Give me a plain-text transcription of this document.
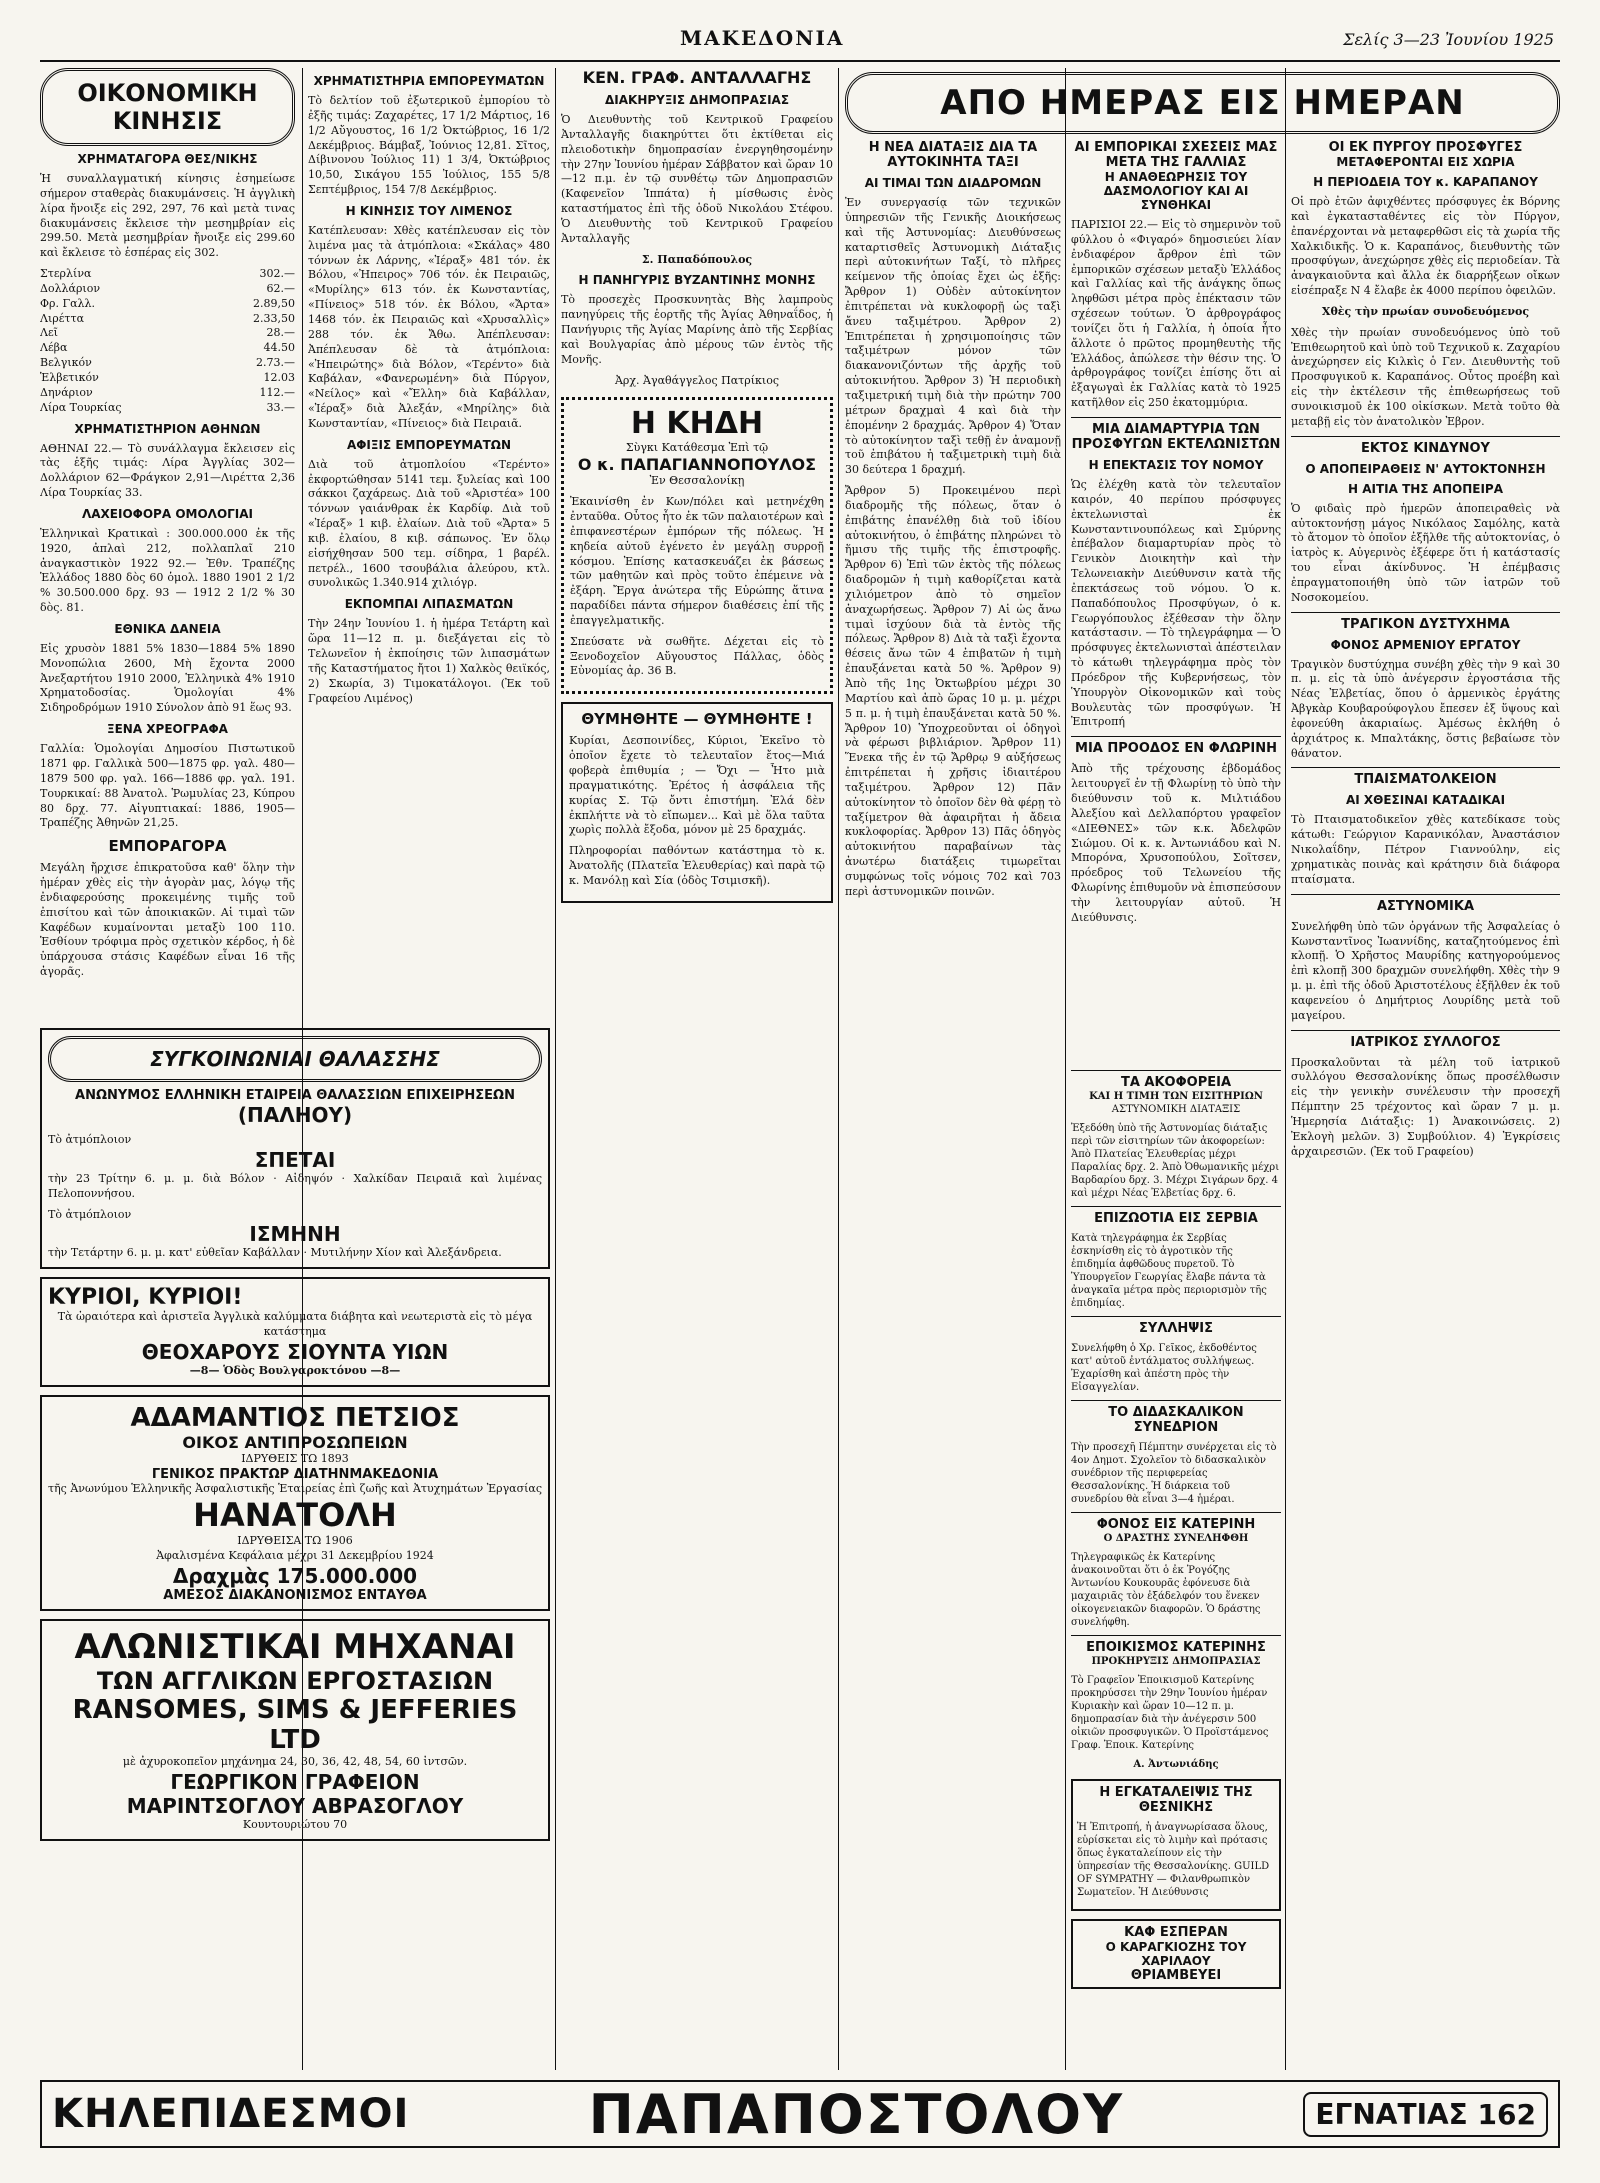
ΜΑΚΕΔΟΝΙΑ	Σελίς 3—23 Ἰουνίου 1925
ΟΙΚΟΝΟΜΙΚΗ ΚΙΝΗΣΙΣ
ΧΡΗΜΑΤΑΓΟΡΑ ΘΕΣ/ΝΙΚΗΣ
Ἡ συναλλαγματική κίνησις ἐσημείωσε σήμερον σταθερὰς διακυμάνσεις. Ἡ ἀγγλικὴ λίρα ἤνοιξε εἰς 292, 297, 76 καὶ μετὰ τινας διακυμάνσεις ἔκλεισε τὴν μεσημβρίαν εἰς 299.50. Μετὰ μεσημβρίαν ἤνοιξε εἰς 299.60 καὶ ἔκλεισε τὸ ἑσπέρας εἰς 302.
Στερλίνα	302.—
Δολλάριον	62.—
Φρ. Γαλλ.	2.89,50
Λιρέττα	2.33,50
Λεῖ	28.—
Λέβα	44.50
Βελγικόν	2.73.—
Ἑλβετικόν	12.03
Δηνάριον	112.—
Λίρα Τουρκίας	33.—
ΧΡΗΜΑΤΙΣΤΗΡΙΟΝ ΑΘΗΝΩΝ
ΑΘΗΝΑΙ 22.— Τὸ συνάλλαγμα ἔκλεισεν εἰς τὰς ἑξῆς τιμάς: Λίρα Ἀγγλίας 302—Δολλάριον 62—Φράγκον 2,91—Λιρέττα 2,36 Λίρα Τουρκίας 33.
ΛΑΧΕΙΟΦΟΡΑ ΟΜΟΛΟΓΙΑΙ
Ἐλληνικαὶ Κρατικαὶ : 300.000.000 ἐκ τῆς 1920, ἀπλαὶ 212, πολλαπλαῖ 210 ἀναγκαστικὸν 1922 92.— Ἐθν. Τραπέζης Ἑλλάδος 1880 δὸς 60 ὁμολ. 1880 1901 2 1/2 % 30.500.000 δρχ. 93 — 1912 2 1/2 % 30 δὸς. 81.
ΕΘΝΙΚΑ ΔΑΝΕΙΑ
Εἰς χρυσὸν 1881 5% 1830—1884 5% 1890 Μονοπώλια 2600, Μὴ ἔχοντα 2000 Ἀνεξαρτήτου 1910 2000, Ἑλληνικὰ 4% 1910 Χρηματοδοσίας. Ὁμολογίαι 4% Σιδηροδρόμων 1910 Σύνολον ἀπὸ 91 ἕως 93.
ΞΕΝΑ ΧΡΕΟΓΡΑΦΑ
Γαλλία: Ὁμολογίαι Δημοσίου Πιστωτικοῦ 1871 φρ. Γαλλικὰ 500—1875 φρ. γαλ. 480—1879 500 φρ. γαλ. 166—1886 φρ. γαλ. 191. Τουρκικαί: 88 Ἀνατολ. Ῥωμυλίας 23, Κύπρου 80 δρχ. 77. Αἰγυπτιακαί: 1886, 1905—Τραπέζης Ἀθηνῶν 21,25.
ΕΜΠΟΡΑΓΟΡΑ
Μεγάλη ἤρχισε ἐπικρατοῦσα καθ' ὅλην τὴν ἡμέραν χθὲς εἰς τὴν ἀγορὰν μας, λόγῳ τῆς ἐνδιαφερούσης προκειμένης τιμῆς τοῦ ἐπισίτου καὶ τῶν ἀποικιακῶν. Αἱ τιμαὶ τῶν Καφέδων κυμαίνονται μεταξὺ 100 110. Ἑσθίουν τρόφιμα πρὸς σχετικὸν κέρδος, ἡ δὲ ὑπάρχουσα στάσις Καφέδων εἶναι 16 τῆς ἀγορᾶς.
ΧΡΗΜΑΤΙΣΤΗΡΙΑ ΕΜΠΟΡΕΥΜΑΤΩΝ
Τὸ δελτίον τοῦ ἐξωτερικοῦ ἐμπορίου τὸ ἐξῆς τιμάς: Ζαχαρέτες, 17 1/2 Μάρτιος, 16 1/2 Αὔγουστος, 16 1/2 Ὀκτώβριος, 16 1/2 Δεκέμβριος. Βάμβαξ, Ἰούνιος 12,81. Σῖτος, Δίβινονου Ἰούλιος 11) 1 3/4, Ὀκτώβριος 10,50, Σικάγου 155 Ἰούλιος, 155 5/8 Σεπτέμβριος, 154 7/8 Δεκέμβριος.
Η ΚΙΝΗΣΙΣ ΤΟΥ ΛΙΜΕΝΟΣ
Κατέπλευσαν: Χθὲς κατέπλευσαν εἰς τὸν λιμένα μας τὰ ἀτμόπλοια: «Σκάλας» 480 τόννων ἐκ Λάρνης, «Ἱέραξ» 481 τόν. ἐκ Βόλου, «Ἠπειρος» 706 τόν. ἐκ Πειραιῶς, «Μυρίλης» 613 τόν. ἐκ Κωνσταντίας, «Πίνειος» 518 τόν. ἐκ Βόλου, «Ἄρτα» 1468 τόν. ἐκ Πειραιῶς καὶ «Χρυσαλλὶς» 288 τόν. ἐκ Ἄθω. Ἀπέπλευσαν: Ἀπέπλευσαν δὲ τὰ ἀτμόπλοια: «Ἠπειρώτης» διὰ Βόλον, «Τερέντο» διὰ Καβάλαν, «Φανερωμένη» διὰ Πύργον, «Νείλος» καὶ «Ἔλλη» διὰ Καβάλλαν, «Ἱέραξ» διὰ Ἀλεξάν, «Μηρίλης» διὰ Κωνσταντίαν, «Πίνειος» διὰ Πειραιᾶ.
ΑΦΙΞΙΣ ΕΜΠΟΡΕΥΜΑΤΩΝ
Διὰ τοῦ ἀτμοπλοίου «Τερέντο» ἐκφορτώθησαν 5141 τεμ. ξυλείας καὶ 100 σάκκοι ζαχάρεως. Διὰ τοῦ «Ἀριστέα» 100 τόννων γαιάνθρακ ἐκ Καρδίφ. Διὰ τοῦ «Ἱέραξ» 1 κιβ. ἐλαίων. Διὰ τοῦ «Ἄρτα» 5 κιβ. ἐλαίου, 8 κιβ. σάπωνος. Ἐν ὅλῳ εἰσήχθησαν 500 τεμ. σίδηρα, 1 βαρέλ. πετρέλ., 1600 τσουβάλια ἀλεύρου, κτλ. συνολικῶς 1.340.914 χιλιόγρ.
ΕΚΠΟΜΠΑΙ ΛΙΠΑΣΜΑΤΩΝ
Τὴν 24ην Ἰουνίου 1. ἡ ἡμέρα Τετάρτη καὶ ὥρα 11—12 π. μ. διεξάγεται εἰς τὸ Τελωνεῖον ἡ ἐκποίησις τῶν λιπασμάτων τῆς Καταστήματος ἤτοι 1) Χαλκὸς θειϊκός, 2) Σκωρία, 3) Τιμοκατάλογοι. (Ἐκ τοῦ Γραφείου Λιμένος)
ΣΥΓΚΟΙΝΩΝΙΑΙ ΘΑΛΑΣΣΗΣ
ΑΝΩΝΥΜΟΣ ΕΛΛΗΝΙΚΗ ΕΤΑΙΡΕΙΑ ΘΑΛΑΣΣΙΩΝ ΕΠΙΧΕΙΡΗΣΕΩΝ
(ΠΑΛΗΟΥ)
Τὸ ἀτμόπλοιον
ΣΠΕΤΑΙ
τὴν 23 Τρίτην 6. μ. μ. διὰ Βόλον · Αἰδηψόν · Χαλκίδαν Πειραιᾶ καὶ λιμένας Πελοποννήσου.
Τὸ ἀτμόπλοιον
ΙΣΜΗΝΗ
τὴν Τετάρτην 6. μ. μ. κατ' εὐθεῖαν Καβάλλαν · Μυτιλήνην Χίον καὶ Ἀλεξάνδρεια.
ΚΥΡΙΟΙ, ΚΥΡΙΟΙ!
Τὰ ὡραιότερα καὶ ἀριστεῖα Ἀγγλικὰ καλύμματα διάβητα καὶ νεωτεριστὰ εἰς τὸ μέγα κατάστημα
ΘΕΟΧΑΡΟΥΣ ΣΙΟΥΝΤΑ ΥΙΩΝ
—8— Ὁδὸς Βουλγαροκτόνου —8—
ΑΔΑΜΑΝΤΙΟΣ ΠΕΤΣΙΟΣ
ΟΙΚΟΣ ΑΝΤΙΠΡΟΣΩΠΕΙΩΝ
ΙΔΡΥΘΕΙΣ ΤΩ 1893
ΓΕΝΙΚΟΣ ΠΡΑΚΤΩΡ ΔΙΑΤΗΝΜΑΚΕΔΟΝΙΑ
τῆς Ἀνωνύμου Ἑλληνικῆς Ἀσφαλιστικῆς Ἑταιρείας ἐπὶ ζωῆς καὶ Ἀτυχημάτων Ἐργασίας
ΗΑΝΑΤΟΛΗ
ΙΔΡΥΘΕΙΣΑ ΤΩ 1906
Ἀφαλισμένα Κεφάλαια μέχρι 31 Δεκεμβρίου 1924
Δραχμὰς 175.000.000
ΑΜΕΣΟΣ ΔΙΑΚΑΝΟΝΙΣΜΟΣ ΕΝΤΑΥΘΑ
ΑΛΩΝΙΣΤΙΚΑΙ ΜΗΧΑΝΑΙ
ΤΩΝ ΑΓΓΛΙΚΩΝ ΕΡΓΟΣΤΑΣΙΩΝ
RANSOMES, SIMS & JEFFERIES LTD
μὲ ἀχυροκοπεῖον μηχάνημα 24, 30, 36, 42, 48, 54, 60 ἰντσῶν.
ΓΕΩΡΓΙΚΟΝ ΓΡΑΦΕΙΟΝ
ΜΑΡΙΝΤΣΟΓΛΟΥ ΑΒΡΑΣΟΓΛΟΥ
Κουντουριώτου 70
ΚΕΝ. ΓΡΑΦ. ΑΝΤΑΛΛΑΓΗΣ
ΔΙΑΚΗΡΥΞΙΣ ΔΗΜΟΠΡΑΣΙΑΣ
Ὁ Διευθυντὴς τοῦ Κεντρικοῦ Γραφείου Ἀνταλλαγῆς διακηρύττει ὅτι ἐκτίθεται εἰς πλειοδοτικὴν δημοπρασίαν ἐνεργηθησομένην τὴν 27ην Ἰουνίου ἡμέραν Σάββατον καὶ ὥραν 10—12 π.μ. ἐν τῷ συνθέτῳ τῶν Δημοπρασιῶν (Καφενεῖον Ἱππάτα) ἡ μίσθωσις ἐνὸς καταστήματος ἐπὶ τῆς ὁδοῦ Νικολάου Στέφου. Ὁ Διευθυντὴς τοῦ Κεντρικοῦ Γραφείου Ἀνταλλαγῆς
Σ. Παπαδόπουλος
Η ΠΑΝΗΓΥΡΙΣ ΒΥΖΑΝΤΙΝΗΣ ΜΟΝΗΣ
Τὸ προσεχὲς Προσκυνητὰς Βὴς λαμπροὺς πανηγύρεις τῆς ἑορτῆς τῆς Ἁγίας Ἀθηναΐδος, ἡ Πανήγυρις τῆς Ἀγίας Μαρίνης ἀπὸ τῆς Σερβίας καὶ Βουλγαρίας ἀπὸ μέρους τῶν ἐντὸς τῆς Μονῆς.
Ἀρχ. Ἀγαθάγγελος Πατρίκιος
Η ΚΗΔΗ
Σὺγκι Κατάθεσμα Ἐπὶ τῷ
Ο κ. ΠΑΠΑΓΙΑΝΝΟΠΟΥΛΟΣ
Ἐν Θεσσαλονίκῃ
Ἐκαινίσθη ἐν Κων/πόλει καὶ μετηνέχθη ἐνταῦθα. Οὗτος ἦτο ἐκ τῶν παλαιοτέρων καὶ ἐπιφανεστέρων ἐμπόρων τῆς πόλεως. Ἡ κηδεία αὐτοῦ ἐγένετο ἐν μεγάλῃ συρροῇ κόσμου. Ἐπίσης κατασκευάζει ἐκ βάσεως τῶν μαθητῶν καὶ πρὸς τοῦτο ἐπέμεινε νὰ ἐξάρη. Ἔργα ἀνώτερα τῆς Εὐρώπης ἅτινα παραδίδει πάντα σήμερον διαθέσεις ἐπί τῆς ἐπαγγελματικῆς.
Σπεύσατε νὰ σωθῆτε. Δέχεται εἰς τὸ Ξενοδοχεῖον Αὔγουστος Πάλλας, ὁδὸς Εὐνομίας ἀρ. 36 Β.
ΘΥΜΗΘΗΤΕ — ΘΥΜΗΘΗΤΕ !
Κυρίαι, Δεσποινίδες, Κύριοι, Ἐκεῖνο τὸ ὁποῖον ἔχετε τὸ τελευταῖον ἔτος—Μιά φοβερὰ ἐπιθυμία ; — Ὄχι — Ἦτο μιὰ πραγματικότης. Ἐρέτος ἡ ἀσφάλεια τῆς κυρίας Σ. Τῷ ὄντι ἐπιστήμη. Ἐλά δὲν ἐκπλήττε νὰ τὸ εἴπωμεν... Καὶ μὲ ὅλα ταῦτα χωρὶς πολλὰ ἔξοδα, μόνον μὲ 25 δραχμάς.
Πληροφορίαι παθόντων κατάστημα τὸ κ. Ἀνατολῆς (Πλατεῖα Ἐλευθερίας) καὶ παρὰ τῷ κ. Μανόλῃ καὶ Σία (ὁδὸς Τσιμισκῆ).
ΑΠΟ ΗΜΕΡΑΣ ΕΙΣ ΗΜΕΡΑΝ
Η ΝΕΑ ΔΙΑΤΑΞΙΣ ΔΙΑ ΤΑ ΑΥΤΟΚΙΝΗΤΑ ΤΑΞΙ
ΑΙ ΤΙΜΑΙ ΤΩΝ ΔΙΑΔΡΟΜΩΝ
Ἐν συνεργασίᾳ τῶν τεχνικῶν ὑπηρεσιῶν τῆς Γενικῆς Διοικήσεως καὶ τῆς Ἀστυνομίας: Διευθύνσεως καταρτισθεῖς Ἀστυνομικὴ Διάταξις περὶ αὐτοκινήτων Ταξί, τὸ πλῆρες κείμενον τῆς ὁποίας ἔχει ὡς ἑξῆς: Ἄρθρον 1) Οὐδὲν αὐτοκίνητον ἐπιτρέπεται νὰ κυκλοφορῇ ὡς ταξὶ ἄνευ ταξιμέτρου. Ἄρθρον 2) Ἐπιτρέπεται ἡ χρησιμοποίησις τῶν ταξιμέτρων μόνον τῶν διακανονιζόντων τῆς ἀρχῆς τοῦ αὐτοκινήτου. Ἄρθρον 3) Ἡ περιοδικὴ ταξιμετρική τιμὴ διὰ τὴν πρώτην 700 μέτρων δραχμαὶ 4 καὶ διὰ τὴν ἑπομένην 2 δραχμάς. Ἄρθρον 4) Ὅταν τὸ αὐτοκίνητον ταξὶ τεθῇ ἐν ἀναμονῇ τοῦ ἐπιβάτου ἡ ταξιμετρικὴ τιμὴ διὰ 30 δεύτερα 1 δραχμή.
Ἄρθρον 5) Προκειμένου περὶ διαδρομῆς τῆς πόλεως, ὅταν ὁ ἐπιβάτης ἐπανέλθῃ διὰ τοῦ ἰδίου αὐτοκινήτου, ὁ ἐπιβάτης πληρώνει τὸ ἥμισυ τῆς τιμῆς τῆς ἐπιστροφῆς. Ἄρθρον 6) Ἐπὶ τῶν ἐκτὸς τῆς πόλεως διαδρομῶν ἡ τιμὴ καθορίζεται κατὰ χιλιόμετρον ἀπὸ τὸ σημεῖον ἀναχωρήσεως. Ἄρθρον 7) Αἱ ὡς ἄνω τιμαὶ ἰσχύουν διὰ τὰ ἐντὸς τῆς πόλεως. Ἄρθρον 8) Διὰ τὰ ταξὶ ἔχοντα θέσεις ἄνω τῶν 4 ἐπιβατῶν ἡ τιμὴ ἐπαυξάνεται κατὰ 50 %. Ἄρθρον 9) Ἀπὸ τῆς 1ης Ὀκτωβρίου μέχρι 30 Μαρτίου καὶ ἀπὸ ὥρας 10 μ. μ. μέχρι 5 π. μ. ἡ τιμὴ ἐπαυξάνεται κατὰ 50 %. Ἄρθρον 10) Ὑποχρεοῦνται οἱ ὁδηγοὶ νὰ φέρωσι βιβλιάριον. Ἄρθρον 11) Ἕνεκα τῆς ἐν τῷ Ἄρθρῳ 9 αὐξήσεως ἐπιτρέπεται ἡ χρῆσις ἰδιαιτέρου ταξιμέτρου. Ἄρθρον 12) Πᾶν αὐτοκίνητον τὸ ὁποῖον δὲν θὰ φέρῃ τὸ ταξίμετρον θὰ ἀφαιρῆται ἡ ἄδεια κυκλοφορίας. Ἄρθρον 13) Πᾶς ὁδηγὸς αὐτοκινήτου παραβαίνων τὰς ἀνωτέρω διατάξεις τιμωρεῖται συμφώνως τοῖς νόμοις 702 καὶ 703 περὶ ἀστυνομικῶν ποινῶν.
ΑΙ ΕΜΠΟΡΙΚΑΙ ΣΧΕΣΕΙΣ ΜΑΣ ΜΕΤΑ ΤΗΣ ΓΑΛΛΙΑΣ
Η ΑΝΑΘΕΩΡΗΣΙΣ ΤΟΥ ΔΑΣΜΟΛΟΓΙΟΥ ΚΑΙ ΑΙ ΣΥΝΘΗΚΑΙ
ΠΑΡΙΣΙΟΙ 22.— Εἰς τὸ σημερινὸν τοῦ φύλλου ὁ «Φιγαρό» δημοσιεύει λίαν ἐνδιαφέρον ἄρθρον ἐπὶ τῶν ἐμπορικῶν σχέσεων μεταξὺ Ἑλλάδος καὶ Γαλλίας καὶ τῆς ἀνάγκης ὅπως ληφθῶσι μέτρα πρὸς ἐπέκτασιν τῶν σχέσεων τούτων. Ὁ ἀρθρογράφος τονίζει ὅτι ἡ Γαλλία, ἡ ὁποία ἦτο ἄλλοτε ὁ πρῶτος προμηθευτὴς τῆς Ἑλλάδος, ἀπώλεσε τὴν θέσιν της. Ὁ ἀρθρογράφος τονίζει ἐπίσης ὅτι αἱ ἐξαγωγαὶ ἐκ Γαλλίας κατὰ τὸ 1925 κατῆλθον εἰς 250 ἑκατομμύρια.
ΜΙΑ ΔΙΑΜΑΡΤΥΡΙΑ ΤΩΝ ΠΡΟΣΦΥΓΩΝ ΕΚΤΕΛΩΝΙΣΤΩΝ
Η ΕΠΕΚΤΑΣΙΣ ΤΟΥ ΝΟΜΟΥ
Ὡς ἐλέχθη κατὰ τὸν τελευταῖον καιρόν, 40 περίπου πρόσφυγες ἐκτελωνισταὶ ἐκ Κωνσταντινουπόλεως καὶ Σμύρνης ἐπέβαλον διαμαρτυρίαν πρὸς τὸ Γενικὸν Διοικητὴν καὶ τὴν Τελωνειακὴν Διεύθυνσιν κατὰ τῆς ἐπεκτάσεως τοῦ νόμου. Ὁ κ. Παπαδόπουλος Προσφύγων, ὁ κ. Γεωργόπουλος ἐξέθεσαν τὴν ὅλην κατάστασιν. — Τὸ τηλεγράφημα — Ὁ πρόσφυγες ἐκτελωνισταὶ ἀπέστειλαν τὸ κάτωθι τηλεγράφημα πρὸς τὸν Πρόεδρον τῆς Κυβερνήσεως, τὸν Ὑπουργὸν Οἰκονομικῶν καὶ τοὺς Βουλευτὰς τῶν προσφύγων. Ἡ Ἐπιτροπή
ΜΙΑ ΠΡΟΟΔΟΣ ΕΝ ΦΛΩΡΙΝΗ
Ἀπὸ τῆς τρέχουσης ἑβδομάδος λειτουργεῖ ἐν τῇ Φλωρίνῃ τὸ ὑπὸ τὴν διεύθυνσιν τοῦ κ. Μιλτιάδου Ἀλεξίου καὶ Δελλαπόρτου γραφεῖον «ΔΙΕΘΝΕΣ» τῶν κ.κ. Ἀδελφῶν Σιώμου. Οἱ κ. κ. Ἀντωνιάδου καὶ Ν. Μπορόνα, Χρυσοπούλου, Σοῖτσεν, πρόεδρος τοῦ Τελωνείου τῆς Φλωρίνης ἐπιθυμοῦν νὰ ἐπισπεύσουν τὴν λειτουργίαν αὐτοῦ. Ἡ Διεύθυνσις.
ΟΙ ΕΚ ΠΥΡΓΟΥ ΠΡΟΣΦΥΓΕΣ
ΜΕΤΑΦΕΡΟΝΤΑΙ ΕΙΣ ΧΩΡΙΑ
Η ΠΕΡΙΟΔΕΙΑ ΤΟΥ κ. ΚΑΡΑΠΑΝΟΥ
Οἱ πρὸ ἐτῶν ἀφιχθέντες πρόσφυγες ἐκ Βόρνης καὶ ἐγκατασταθέντες εἰς τὸν Πύργον, ἐπανέρχονται νὰ μεταφερθῶσι εἰς τὰ χωρία τῆς Χαλκιδικῆς. Ὁ κ. Καραπάνος, διευθυντὴς τῶν προσφύγων, ἀνεχώρησε χθὲς εἰς περιοδείαν. Τὰ ἀναγκαιοῦντα καὶ ἄλλα ἐκ διαρρήξεων οἴκων εἰσέπραξε Ν 4 ἔλαβε ἐκ 4000 περίπου ὀφειλῶν.
Χθὲς τὴν πρωίαν συνοδευόμενος
Χθὲς τὴν πρωίαν συνοδευόμενος ὑπὸ τοῦ Ἐπιθεωρητοῦ καὶ ὑπὸ τοῦ Τεχνικοῦ κ. Ζαχαρίου ἀνεχώρησεν εἰς Κιλκὶς ὁ Γεν. Διευθυντὴς τοῦ Προσφυγικοῦ κ. Καραπάνος. Οὗτος προέβη καὶ εἰς τὴν ἐκτέλεσιν τῆς ἐπιθεωρήσεως τοῦ συνοικισμοῦ ἐκ 100 οἰκίσκων. Μετὰ τοῦτο θὰ μεταβῇ εἰς τὸν ἀνατολικὸν Ἐβρον.
ΕΚΤΟΣ ΚΙΝΔΥΝΟΥ
Ο ΑΠΟΠΕΙΡΑΘΕΙΣ Ν' ΑΥΤΟΚΤΟΝΗΣΗ
Η ΑΙΤΙΑ ΤΗΣ ΑΠΟΠΕΙΡΑ
Ὁ φιδαὶς πρὸ ἡμερῶν ἀποπειραθεὶς νὰ αὐτοκτονήσῃ μάγος Νικόλαος Σαμόλης, κατὰ τὸ ἄτομον τὸ ὁποῖον ἐξῆλθε τῆς αὐτοκτονίας, ὁ ἰατρὸς κ. Αὐγερινὸς ἐξέφερε ὅτι ἡ κατάστασίς του εἶναι ἀκίνδυνος. Ἡ ἐπέμβασις ἐπραγματοποιήθη ὑπὸ τῶν ἰατρῶν τοῦ Νοσοκομείου.
ΤΡΑΓΙΚΟΝ ΔΥΣΤΥΧΗΜΑ
ΦΟΝΟΣ ΑΡΜΕΝΙΟΥ ΕΡΓΑΤΟΥ
Τραγικὸν δυστύχημα συνέβη χθὲς τὴν 9 καὶ 30 π. μ. εἰς τὰ ὑπὸ ἀνέγερσιν ἐργοστάσια τῆς Νέας Ἐλβετίας, ὅπου ὁ ἀρμενικὸς ἐργάτης Ἀβγκὰρ Κουβαρούφογλου ἔπεσεν ἐξ ὕψους καὶ ἐφονεύθη ἀκαριαίως. Ἀμέσως ἐκλήθη ὁ ἀρχιάτρος κ. Μπαλτάκης, ὅστις βεβαίωσε τὸν θάνατον.
ΤΠΑΙΣΜΑΤΟΛΚΕΙΟΝ
ΑΙ ΧΘΕΣΙΝΑΙ ΚΑΤΑΔΙΚΑΙ
Τὸ Πταισματοδικεῖον χθὲς κατεδίκασε τοὺς κάτωθι: Γεώργιον Καρανικόλαν, Ἀναστάσιον Νικολαΐδην, Πέτρον Γιαννούλην, εἰς χρηματικὰς ποινὰς καὶ κράτησιν διὰ διάφορα πταίσματα.
ΑΣΤΥΝΟΜΙΚΑ
Συνελήφθη ὑπὸ τῶν ὀργάνων τῆς Ἀσφαλείας ὁ Κωνσταντῖνος Ἰωαννίδης, καταζητούμενος ἐπὶ κλοπῇ. Ὁ Χρῆστος Μαυρίδης κατηγορούμενος ἐπὶ κλοπῇ 300 δραχμῶν συνελήφθη. Χθὲς τὴν 9 μ. μ. ἐπὶ τῆς ὁδοῦ Ἀριστοτέλους ἐξῆλθεν ἐκ τοῦ καφενείου ὁ Δημήτριος Λουρίδης μετὰ τοῦ μαγείρου.
ΙΑΤΡΙΚΟΣ ΣΥΛΛΟΓΟΣ
Προσκαλοῦνται τὰ μέλη τοῦ ἰατρικοῦ συλλόγου Θεσσαλονίκης ὅπως προσέλθωσιν εἰς τὴν γενικὴν συνέλευσιν τὴν προσεχῆ Πέμπτην 25 τρέχοντος καὶ ὥραν 7 μ. μ. Ἡμερησία Διάταξις: 1) Ἀνακοινώσεις. 2) Ἐκλογὴ μελῶν. 3) Συμβούλιον. 4) Ἐγκρίσεις ἀρχαιρεσιῶν. (Ἐκ τοῦ Γραφείου)
ΤΑ ΑΚΟΦΟΡΕΙΑ
ΚΑΙ Η ΤΙΜΗ ΤΩΝ ΕΙΣΙΤΗΡΙΩΝ
ΑΣΤΥΝΟΜΙΚΗ ΔΙΑΤΑΞΙΣ
Ἐξεδόθη ὑπὸ τῆς Ἀστυνομίας διάταξις περὶ τῶν εἰσιτηρίων τῶν ἀκοφορείων: Ἀπὸ Πλατείας Ἐλευθερίας μέχρι Παραλίας δρχ. 2. Ἀπὸ Ὀθωμανικῆς μέχρι Βαρδαρίου δρχ. 3. Μέχρι Σιγάρων δρχ. 4 καὶ μέχρι Νέας Ἐλβετίας δρχ. 6.
ΕΠΙΖΩΟΤΙΑ ΕΙΣ ΣΕΡΒΙΑ
Κατὰ τηλεγράφημα ἐκ Σερβίας ἐσκηνίσθη εἰς τὸ ἀγροτικὸν τῆς ἐπιδημία ἀφθῶδους πυρετοῦ. Τὸ Ὑπουργεῖον Γεωργίας ἔλαβε πάντα τὰ ἀναγκαῖα μέτρα πρὸς περιορισμὸν τῆς ἐπιδημίας.
ΣΥΛΛΗΨΙΣ
Συνελήφθη ὁ Χρ. Γεῖκος, ἐκδοθέντος κατ' αὐτοῦ ἐντάλματος συλλήψεως. Ἐχαρίσθη καὶ ἀπέστη πρὸς τὴν Εἰσαγγελίαν.
ΤΟ ΔΙΔΑΣΚΑΛΙΚΟΝ ΣΥΝΕΔΡΙΟΝ
Τὴν προσεχῆ Πέμπτην συνέρχεται εἰς τὸ 4ον Δημοτ. Σχολεῖον τὸ διδασκαλικὸν συνέδριον τῆς περιφερείας Θεσσαλονίκης. Ἡ διάρκεια τοῦ συνεδρίου θὰ εἶναι 3—4 ἡμέραι.
ΦΟΝΟΣ ΕΙΣ ΚΑΤΕΡΙΝΗ
Ο ΔΡΑΣΤΗΣ ΣΥΝΕΛΗΦΘΗ
Τηλεγραφικῶς ἐκ Κατερίνης ἀνακοινοῦται ὅτι ὁ ἐκ Ῥογόζης Ἀντωνίου Κουκουρᾶς ἐφόνευσε διὰ μαχαιριᾶς τὸν ἐξάδελφόν του ἕνεκεν οἰκογενειακῶν διαφορῶν. Ὁ δράστης συνελήφθη.
ΕΠΟΙΚΙΣΜΟΣ ΚΑΤΕΡΙΝΗΣ
ΠΡΟΚΗΡΥΞΙΣ ΔΗΜΟΠΡΑΣΙΑΣ
Τὸ Γραφεῖον Ἐποικισμοῦ Κατερίνης προκηρύσσει τὴν 29ην Ἰουνίου ἡμέραν Κυριακὴν καὶ ὥραν 10—12 π. μ. δημοπρασίαν διὰ τὴν ἀνέγερσιν 500 οἰκιῶν προσφυγικῶν. Ὁ Προϊστάμενος Γραφ. Ἐποικ. Κατερίνης
Α. Ἀντωνιάδης
Η ΕΓΚΑΤΑΛΕΙΨΙΣ ΤΗΣ ΘΕΣΝΙΚΗΣ
Ἡ Ἐπιτροπή, ἡ ἀναγνωρίσασα ὅλους, εὑρίσκεται εἰς τὸ λιμὴν καὶ πρότασις ὅπως ἐγκαταλείπουν εἰς τὴν ὑπηρεσίαν τῆς Θεσσαλονίκης. GUILD OF SYMPATHY — Φιλανθρωπικὸν Σωματεῖον. Ἡ Διεύθυνσις
ΚΑΦ ΕΣΠΕΡΑΝ
Ο ΚΑΡΑΓΚΙΟΖΗΣ ΤΟΥ ΧΑΡΙΛΑΟΥ
ΘΡΙΑΜΒΕΥΕΙ
ΚΗΛΕΠΙΔΕΣΜΟΙ	ΠΑΠΑΠΟΣΤΟΛΟΥ	ΕΓΝΑΤΙΑΣ 162
